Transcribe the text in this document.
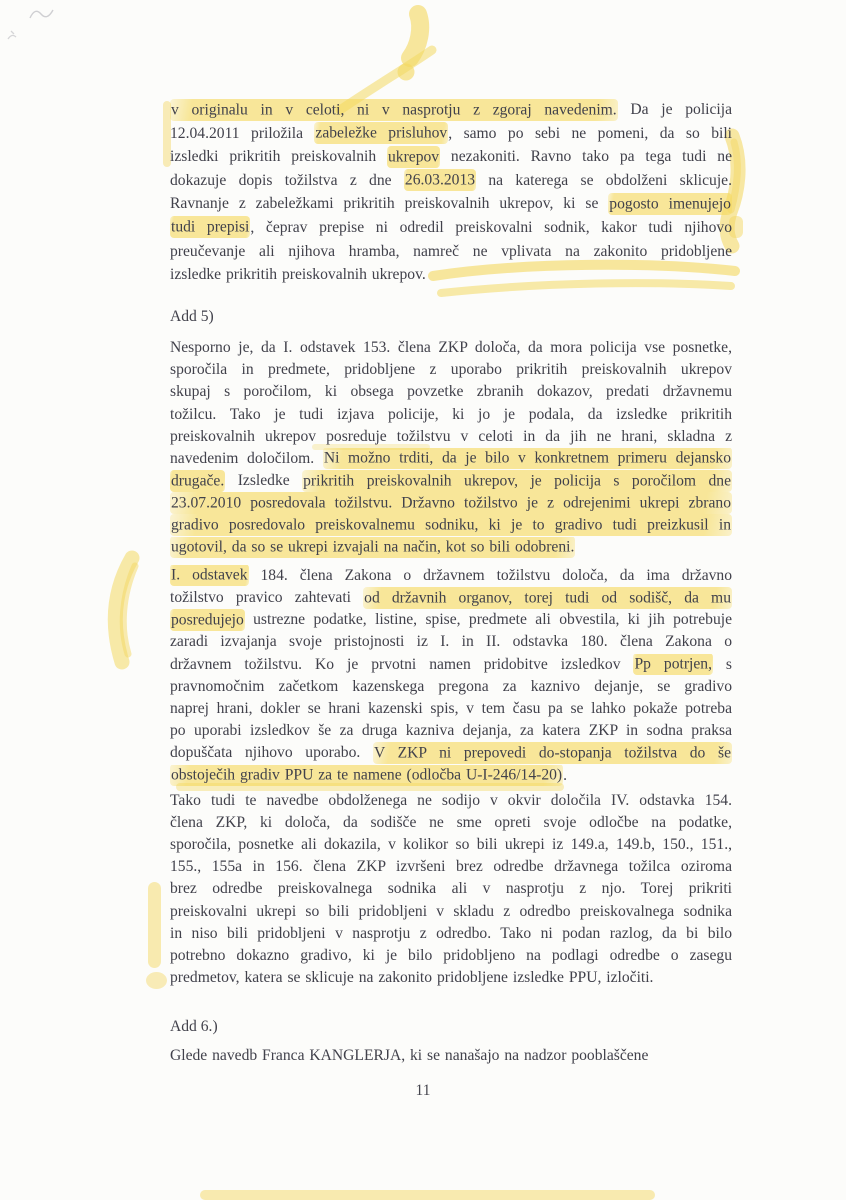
v originalu in v celoti, ni v nasprotju z zgoraj navedenim. Da je policija
12.04.2011 priložila zabeležke prisluhov, samo po sebi ne pomeni, da so bili
izsledki prikritih preiskovalnih ukrepov nezakoniti. Ravno tako pa tega tudi ne
dokazuje dopis tožilstva z dne 26.03.2013 na katerega se obdolženi sklicuje.
Ravnanje z zabeležkami prikritih preiskovalnih ukrepov, ki se pogosto imenujejo
tudi prepisi, čeprav prepise ni odredil preiskovalni sodnik, kakor tudi njihovo
preučevanje ali njihova hramba, namreč ne vplivata na zakonito pridobljene
izsledke prikritih preiskovalnih ukrepov.
Add 5)
Nesporno je, da I. odstavek 153. člena ZKP določa, da mora policija vse posnetke,
sporočila in predmete, pridobljene z uporabo prikritih preiskovalnih ukrepov
skupaj s poročilom, ki obsega povzetke zbranih dokazov, predati državnemu
tožilcu. Tako je tudi izjava policije, ki jo je podala, da izsledke prikritih
preiskovalnih ukrepov posreduje tožilstvu v celoti in da jih ne hrani, skladna z
navedenim določilom. Ni možno trditi, da je bilo v konkretnem primeru dejansko
drugače. Izsledke prikritih preiskovalnih ukrepov, je policija s poročilom dne
23.07.2010 posredovala tožilstvu. Državno tožilstvo je z odrejenimi ukrepi zbrano
gradivo posredovalo preiskovalnemu sodniku, ki je to gradivo tudi preizkusil in
ugotovil, da so se ukrepi izvajali na način, kot so bili odobreni.
I. odstavek 184. člena Zakona o državnem tožilstvu določa, da ima državno
tožilstvo pravico zahtevati od državnih organov, torej tudi od sodišč, da mu
posredujejo ustrezne podatke, listine, spise, predmete ali obvestila, ki jih potrebuje
zaradi izvajanja svoje pristojnosti iz I. in II. odstavka 180. člena Zakona o
državnem tožilstvu. Ko je prvotni namen pridobitve izsledkov Pp potrjen, s
pravnomočnim začetkom kazenskega pregona za kaznivo dejanje, se gradivo
naprej hrani, dokler se hrani kazenski spis, v tem času pa se lahko pokaže potreba
po uporabi izsledkov še za druga kazniva dejanja, za katera ZKP in sodna praksa
dopuščata njihovo uporabo. V ZKP ni prepovedi do-stopanja tožilstva do še
obstoječih gradiv PPU za te namene (odločba U-I-246/14-20).
Tako tudi te navedbe obdolženega ne sodijo v okvir določila IV. odstavka 154.
člena ZKP, ki določa, da sodišče ne sme opreti svoje odločbe na podatke,
sporočila, posnetke ali dokazila, v kolikor so bili ukrepi iz 149.a, 149.b, 150., 151.,
155., 155a in 156. člena ZKP izvršeni brez odredbe državnega tožilca oziroma
brez odredbe preiskovalnega sodnika ali v nasprotju z njo. Torej prikriti
preiskovalni ukrepi so bili pridobljeni v skladu z odredbo preiskovalnega sodnika
in niso bili pridobljeni v nasprotju z odredbo. Tako ni podan razlog, da bi bilo
potrebno dokazno gradivo, ki je bilo pridobljeno na podlagi odredbe o zasegu
predmetov, katera se sklicuje na zakonito pridobljene izsledke PPU, izločiti.
Add 6.)
Glede navedb Franca KANGLERJA, ki se nanašajo na nadzor pooblaščene
11
